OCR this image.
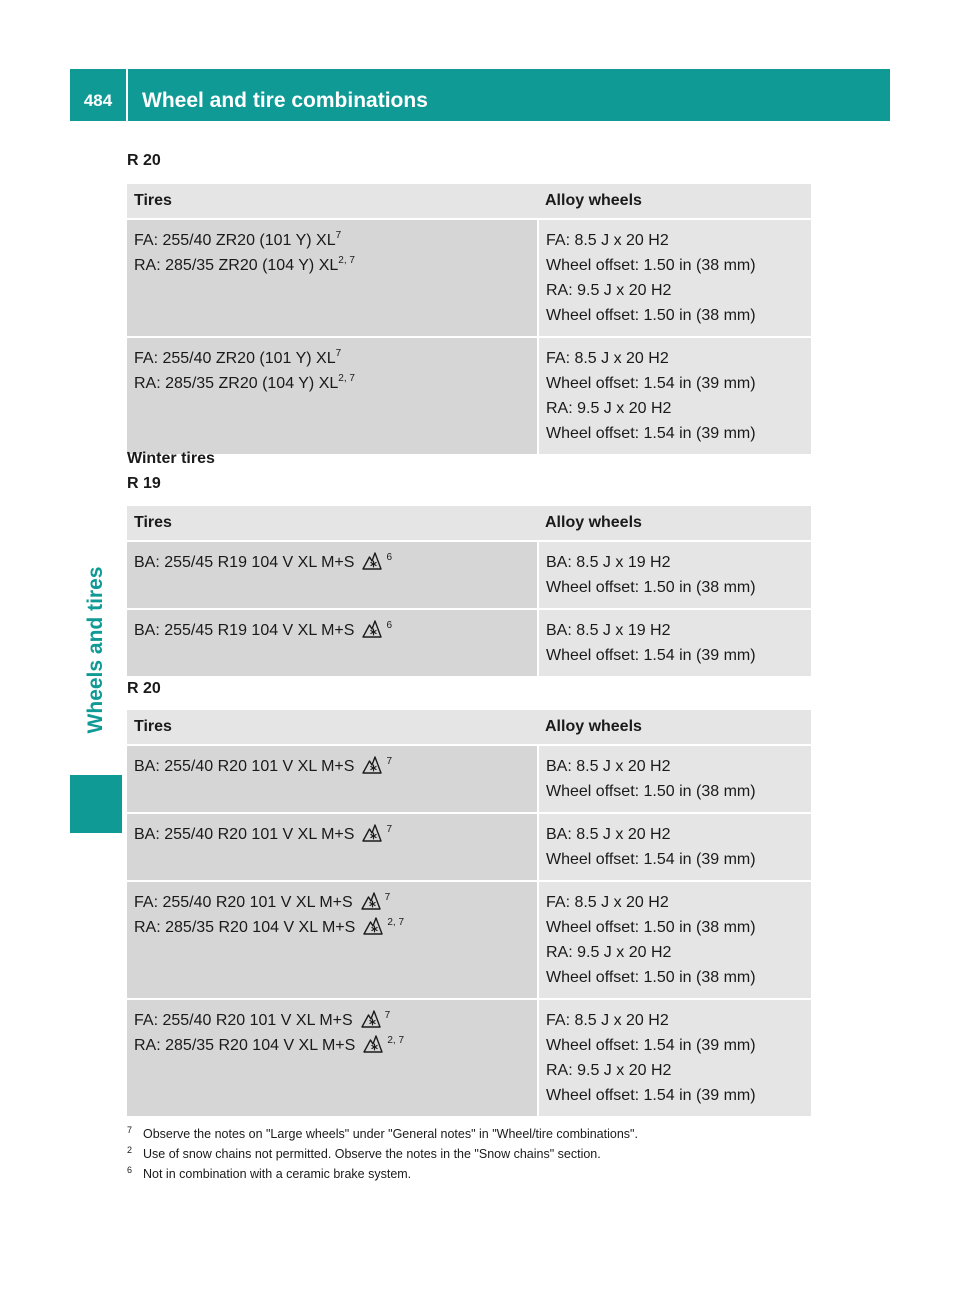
484	Wheel and tire combinations
Wheels and tires
R 20
Tires	Alloy wheels

FA: 255/40 ZR20 (101 Y) $XL^7$
RA: 285/35 ZR20 (104 Y) XL$^{2, 7}$	FA: 8.5 J x 20 H2
Wheel offset: 1.50 in (38 mm)
RA: 9.5 J x 20 H2
Wheel offset: 1.50 in (38 mm)

FA: 255/40 ZR20 (101 Y) $XL^7$
RA: 285/35 ZR20 (104 Y) XL$^{2, 7}$	FA: 8.5 J x 20 H2
Wheel offset: 1.54 in (39 mm)
RA: 9.5 J x 20 H2
Wheel offset: 1.54 in (39 mm)
Winter tires
R 19
Tires	Alloy wheels

BA: 255/45 R19 104 V XL M+S $^6$	BA: 8.5 J x 19 H2
Wheel offset: 1.50 in (38 mm)

BA: 255/45 R19 104 V XL M+S $^6$	BA: 8.5 J x 19 H2
Wheel offset: 1.54 in (39 mm)
R 20
Tires	Alloy wheels

BA: 255/40 R20 101 V XL M+S $^7$	BA: 8.5 J x 20 H2
Wheel offset: 1.50 in (38 mm)

BA: 255/40 R20 101 V XL M+S $^7$	BA: 8.5 J x 20 H2
Wheel offset: 1.54 in (39 mm)

FA: 255/40 R20 101 V XL M+S $^7$
RA: 285/35 R20 104 V XL M+S $^{2, 7}$	FA: 8.5 J x 20 H2
Wheel offset: 1.50 in (38 mm)
RA: 9.5 J x 20 H2
Wheel offset: 1.50 in (38 mm)

FA: 255/40 R20 101 V XL M+S $^7$
RA: 285/35 R20 104 V XL M+S $^{2, 7}$	FA: 8.5 J x 20 H2
Wheel offset: 1.54 in (39 mm)
RA: 9.5 J x 20 H2
Wheel offset: 1.54 in (39 mm)
$^7$ Observe the notes on "Large wheels" under "General notes" in "Wheel/tire combinations".
$^2$ Use of snow chains not permitted. Observe the notes in the "Snow chains" section.
$^6$ Not in combination with a ceramic brake system.
